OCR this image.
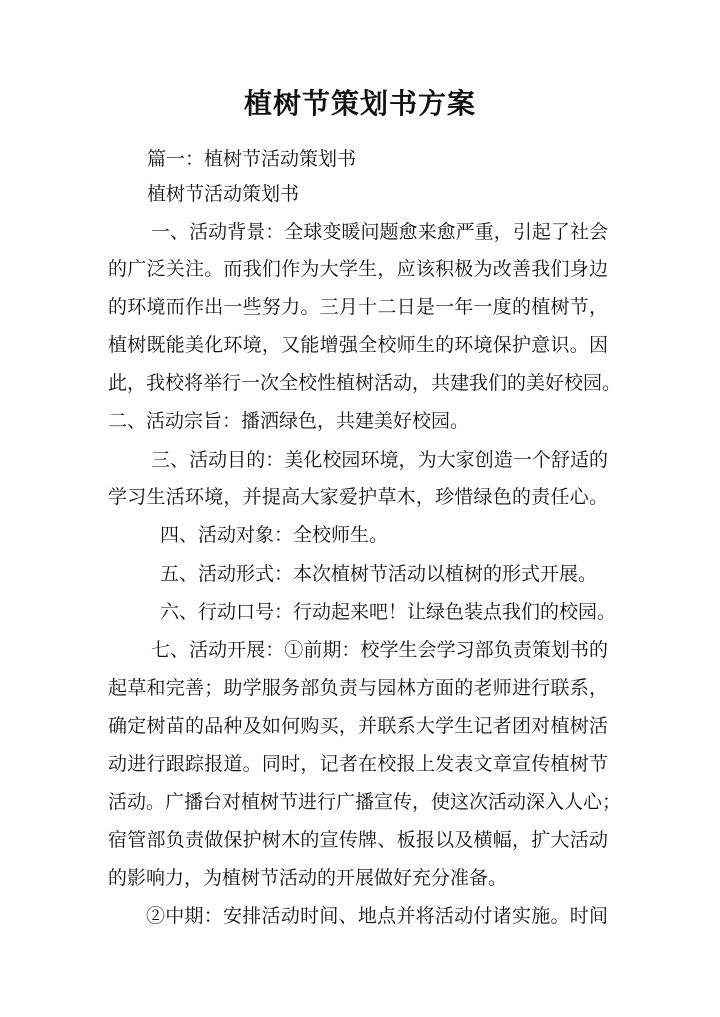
植树节策划书方案
篇一：植树节活动策划书
植树节活动策划书
一、活动背景：全球变暖问题愈来愈严重，引起了社会
的广泛关注。而我们作为大学生，应该积极为改善我们身边
的环境而作出一些努力。三月十二日是一年一度的植树节，
植树既能美化环境，又能增强全校师生的环境保护意识。因
此，我校将举行一次全校性植树活动，共建我们的美好校园。
二、活动宗旨：播洒绿色，共建美好校园。
三、活动目的：美化校园环境，为大家创造一个舒适的
学习生活环境，并提高大家爱护草木，珍惜绿色的责任心。
四、活动对象：全校师生。
五、活动形式：本次植树节活动以植树的形式开展。
六、行动口号：行动起来吧！让绿色装点我们的校园。
七、活动开展：①前期：校学生会学习部负责策划书的
起草和完善；助学服务部负责与园林方面的老师进行联系，
确定树苗的品种及如何购买，并联系大学生记者团对植树活
动进行跟踪报道。同时，记者在校报上发表文章宣传植树节
活动。广播台对植树节进行广播宣传，使这次活动深入人心；
宿管部负责做保护树木的宣传牌、板报以及横幅，扩大活动
的影响力，为植树节活动的开展做好充分准备。
②中期：安排活动时间、地点并将活动付诸实施。时间
